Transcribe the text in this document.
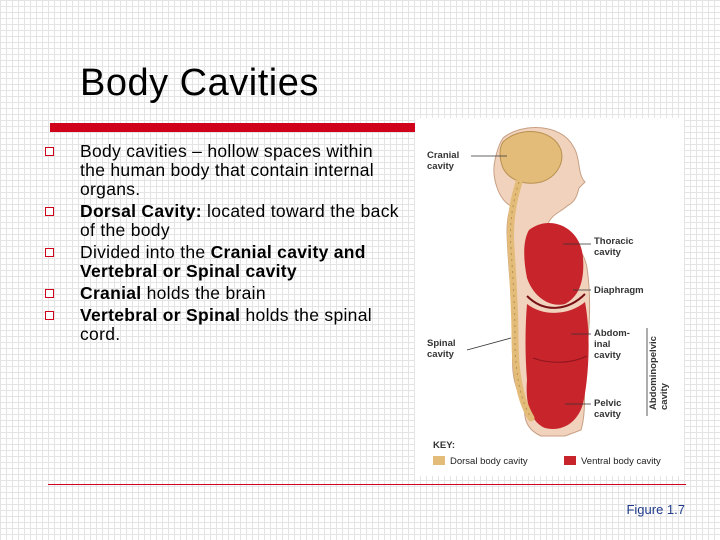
Body Cavities
Body cavities – hollow spaces within the human body that contain internal organs.
Dorsal Cavity: located toward the back of the body
Divided into the Cranial cavity and Vertebral or Spinal cavity
Cranial holds the brain
Vertebral or Spinal holds the spinal cord.
Cranial cavity
Thoracic cavity
Diaphragm
Spinal cavity
Abdom- inal cavity
Pelvic cavity
Abdominopelvic cavity
KEY:
Dorsal body cavity	Ventral body cavity
Figure 1.7
